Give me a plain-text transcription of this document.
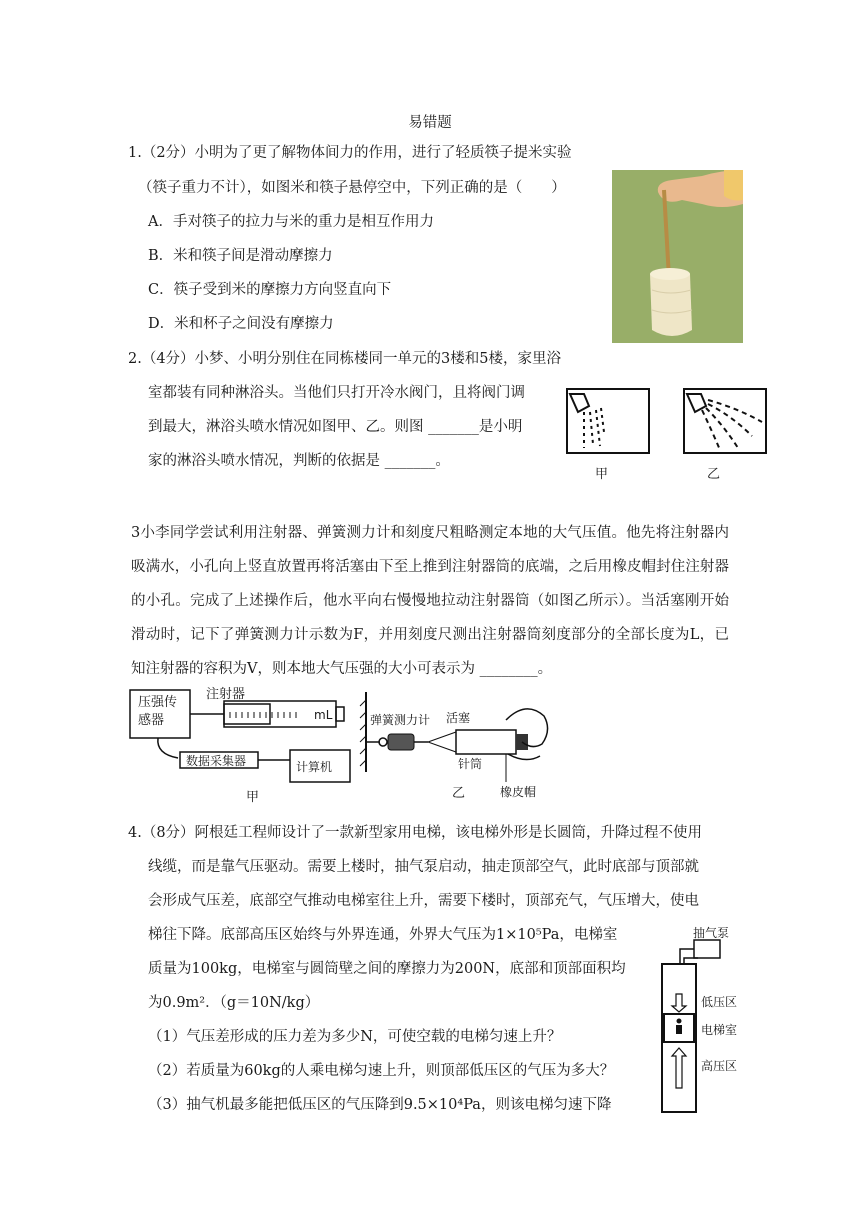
易错题
1.（2分）小明为了更了解物体间力的作用，进行了轻质筷子提米实验
（筷子重力不计），如图米和筷子悬停空中，下列正确的是（　　）
A．手对筷子的拉力与米的重力是相互作用力
B．米和筷子间是滑动摩擦力
C．筷子受到米的摩擦力方向竖直向下
D．米和杯子之间没有摩擦力
2.（4分）小梦、小明分别住在同栋楼同一单元的3楼和5楼，家里浴
室都装有同种淋浴头。当他们只打开冷水阀门，且将阀门调
到最大，淋浴头喷水情况如图甲、乙。则图 _______是小明
家的淋浴头喷水情况，判断的依据是 _______。
甲	乙
3小李同学尝试利用注射器、弹簧测力计和刻度尺粗略测定本地的大气压值。他先将注射器内吸满水，小孔向上竖直放置再将活塞由下至上推到注射器筒的底端，之后用橡皮帽封住注射器的小孔。完成了上述操作后，他水平向右慢慢地拉动注射器筒（如图乙所示）。当活塞刚开始滑动时，记下了弹簧测力计示数为F，并用刻度尺测出注射器筒刻度部分的全部长度为L，已知注射器的容积为V，则本地大气压强的大小可表示为 ________。
压强传感器
注射器
mL
数据采集器	计算机
甲
弹簧测力计 活塞
针筒
橡皮帽
乙
4.（8分）阿根廷工程师设计了一款新型家用电梯，该电梯外形是长圆筒，升降过程不使用
线缆，而是靠气压驱动。需要上楼时，抽气泵启动，抽走顶部空气，此时底部与顶部就
会形成气压差，底部空气推动电梯室往上升，需要下楼时，顶部充气，气压增大，使电
梯往下降。底部高压区始终与外界连通，外界大气压为1×10⁵Pa，电梯室
质量为100kg，电梯室与圆筒壁之间的摩擦力为200N，底部和顶部面积均
为0.9m²．（g＝10N/kg）
（1）气压差形成的压力差为多少N，可使空载的电梯匀速上升？
（2）若质量为60kg的人乘电梯匀速上升，则顶部低压区的气压为多大？
（3）抽气机最多能把低压区的气压降到9.5×10⁴Pa，则该电梯匀速下降
抽气泵
低压区
电梯室
高压区
